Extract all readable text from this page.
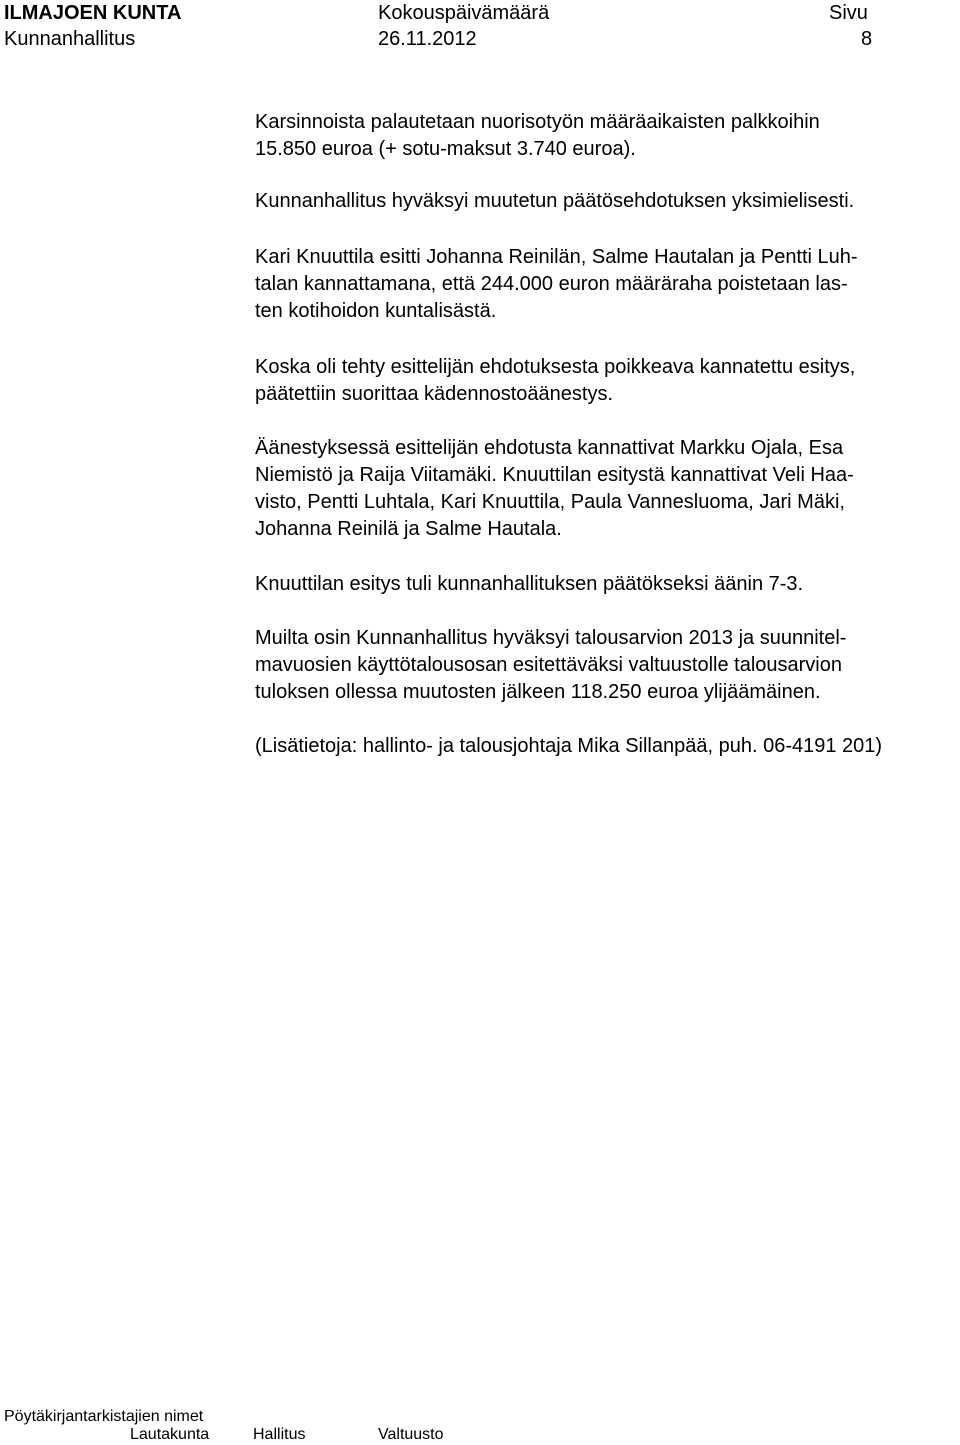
ILMAJOEN KUNTA
Kunnanhallitus
Kokouspäivämäärä
26.11.2012
Sivu
8
Karsinnoista palautetaan nuorisotyön määräaikaisten palkkoihin
15.850 euroa (+ sotu-maksut 3.740 euroa).
Kunnanhallitus hyväksyi muutetun päätösehdotuksen yksimielisesti.
Kari Knuuttila esitti Johanna Reinilän, Salme Hautalan ja Pentti Luh-
talan kannattamana, että 244.000 euron määräraha poistetaan las-
ten kotihoidon kuntalisästä.
Koska oli tehty esittelijän ehdotuksesta poikkeava kannatettu esitys,
päätettiin suorittaa kädennostoäänestys.
Äänestyksessä esittelijän ehdotusta kannattivat Markku Ojala, Esa
Niemistö ja Raija Viitamäki. Knuuttilan esitystä kannattivat Veli Haa-
visto, Pentti Luhtala, Kari Knuuttila, Paula Vannesluoma, Jari Mäki,
Johanna Reinilä ja Salme Hautala.
Knuuttilan esitys tuli kunnanhallituksen päätökseksi äänin 7-3.
Muilta osin Kunnanhallitus hyväksyi talousarvion 2013 ja suunnitel-
mavuosien käyttötalousosan esitettäväksi valtuustolle talousarvion
tuloksen ollessa muutosten jälkeen 118.250 euroa ylijäämäinen.
(Lisätietoja: hallinto- ja talousjohtaja Mika Sillanpää, puh. 06-4191 201)
Pöytäkirjantarkistajien nimet
Lautakunta	Hallitus	Valtuusto
